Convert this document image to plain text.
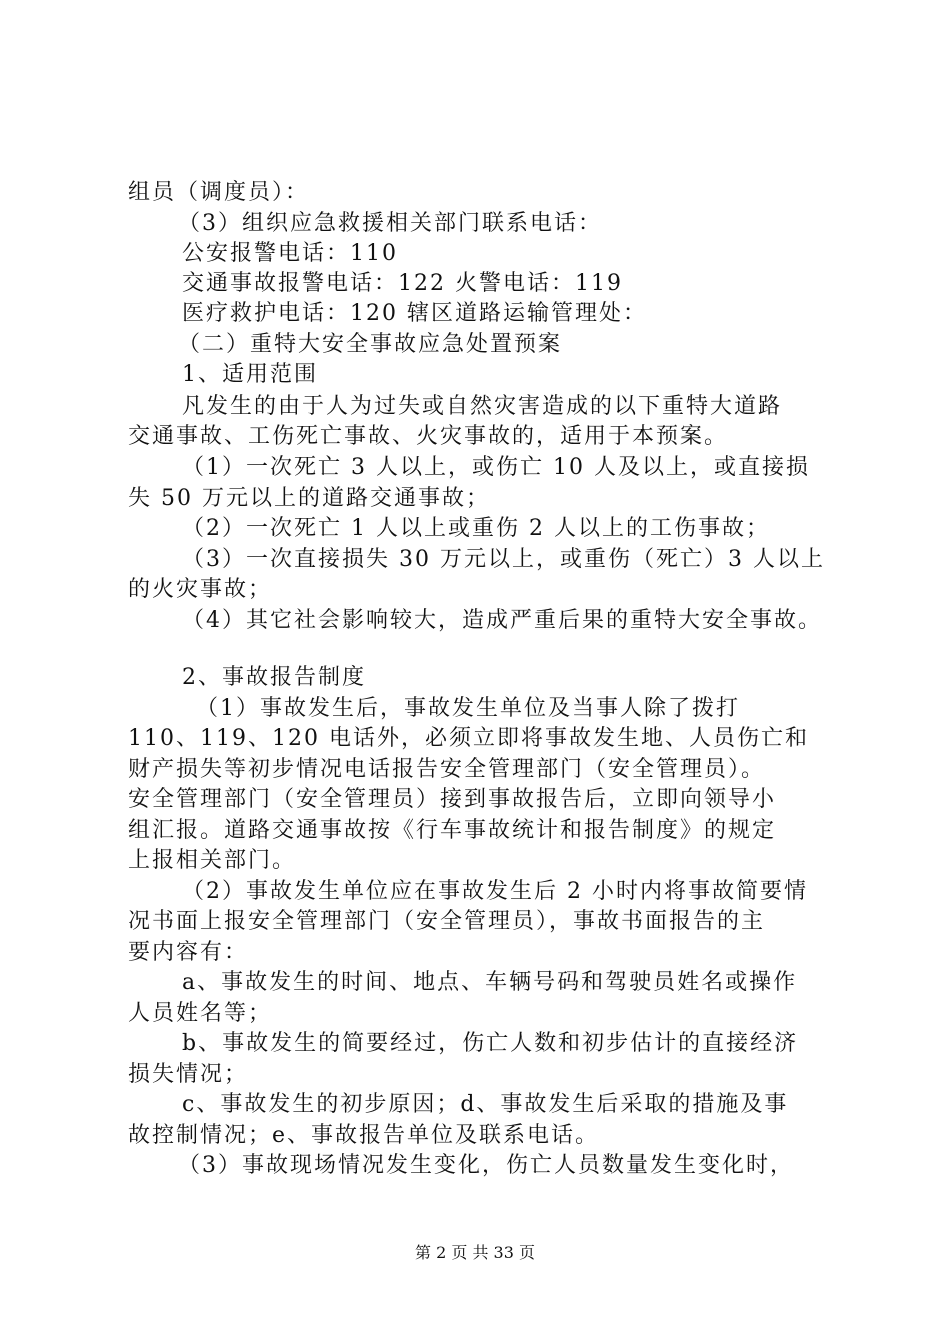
组员（调度员）：
（3）组织应急救援相关部门联系电话：
公安报警电话：110
交通事故报警电话：122 火警电话：119
医疗救护电话：120 辖区道路运输管理处：
（二）重特大安全事故应急处置预案
1、适用范围
凡发生的由于人为过失或自然灾害造成的以下重特大道路
交通事故、工伤死亡事故、火灾事故的，适用于本预案。
（1）一次死亡 3 人以上，或伤亡 10 人及以上，或直接损
失 50 万元以上的道路交通事故；
（2）一次死亡 1 人以上或重伤 2 人以上的工伤事故；
（3）一次直接损失 30 万元以上，或重伤（死亡）3 人以上
的火灾事故；
（4）其它社会影响较大，造成严重后果的重特大安全事故。
2、事故报告制度
（1）事故发生后，事故发生单位及当事人除了拨打
110、119、120 电话外，必须立即将事故发生地、人员伤亡和
财产损失等初步情况电话报告安全管理部门（安全管理员）。
安全管理部门（安全管理员）接到事故报告后，立即向领导小
组汇报。道路交通事故按《行车事故统计和报告制度》的规定
上报相关部门。
（2）事故发生单位应在事故发生后 2 小时内将事故简要情
况书面上报安全管理部门（安全管理员），事故书面报告的主
要内容有：
a、事故发生的时间、地点、车辆号码和驾驶员姓名或操作
人员姓名等；
b、事故发生的简要经过，伤亡人数和初步估计的直接经济
损失情况；
c、事故发生的初步原因；d、事故发生后采取的措施及事
故控制情况；e、事故报告单位及联系电话。
（3）事故现场情况发生变化，伤亡人员数量发生变化时，
第 2 页 共 33 页
